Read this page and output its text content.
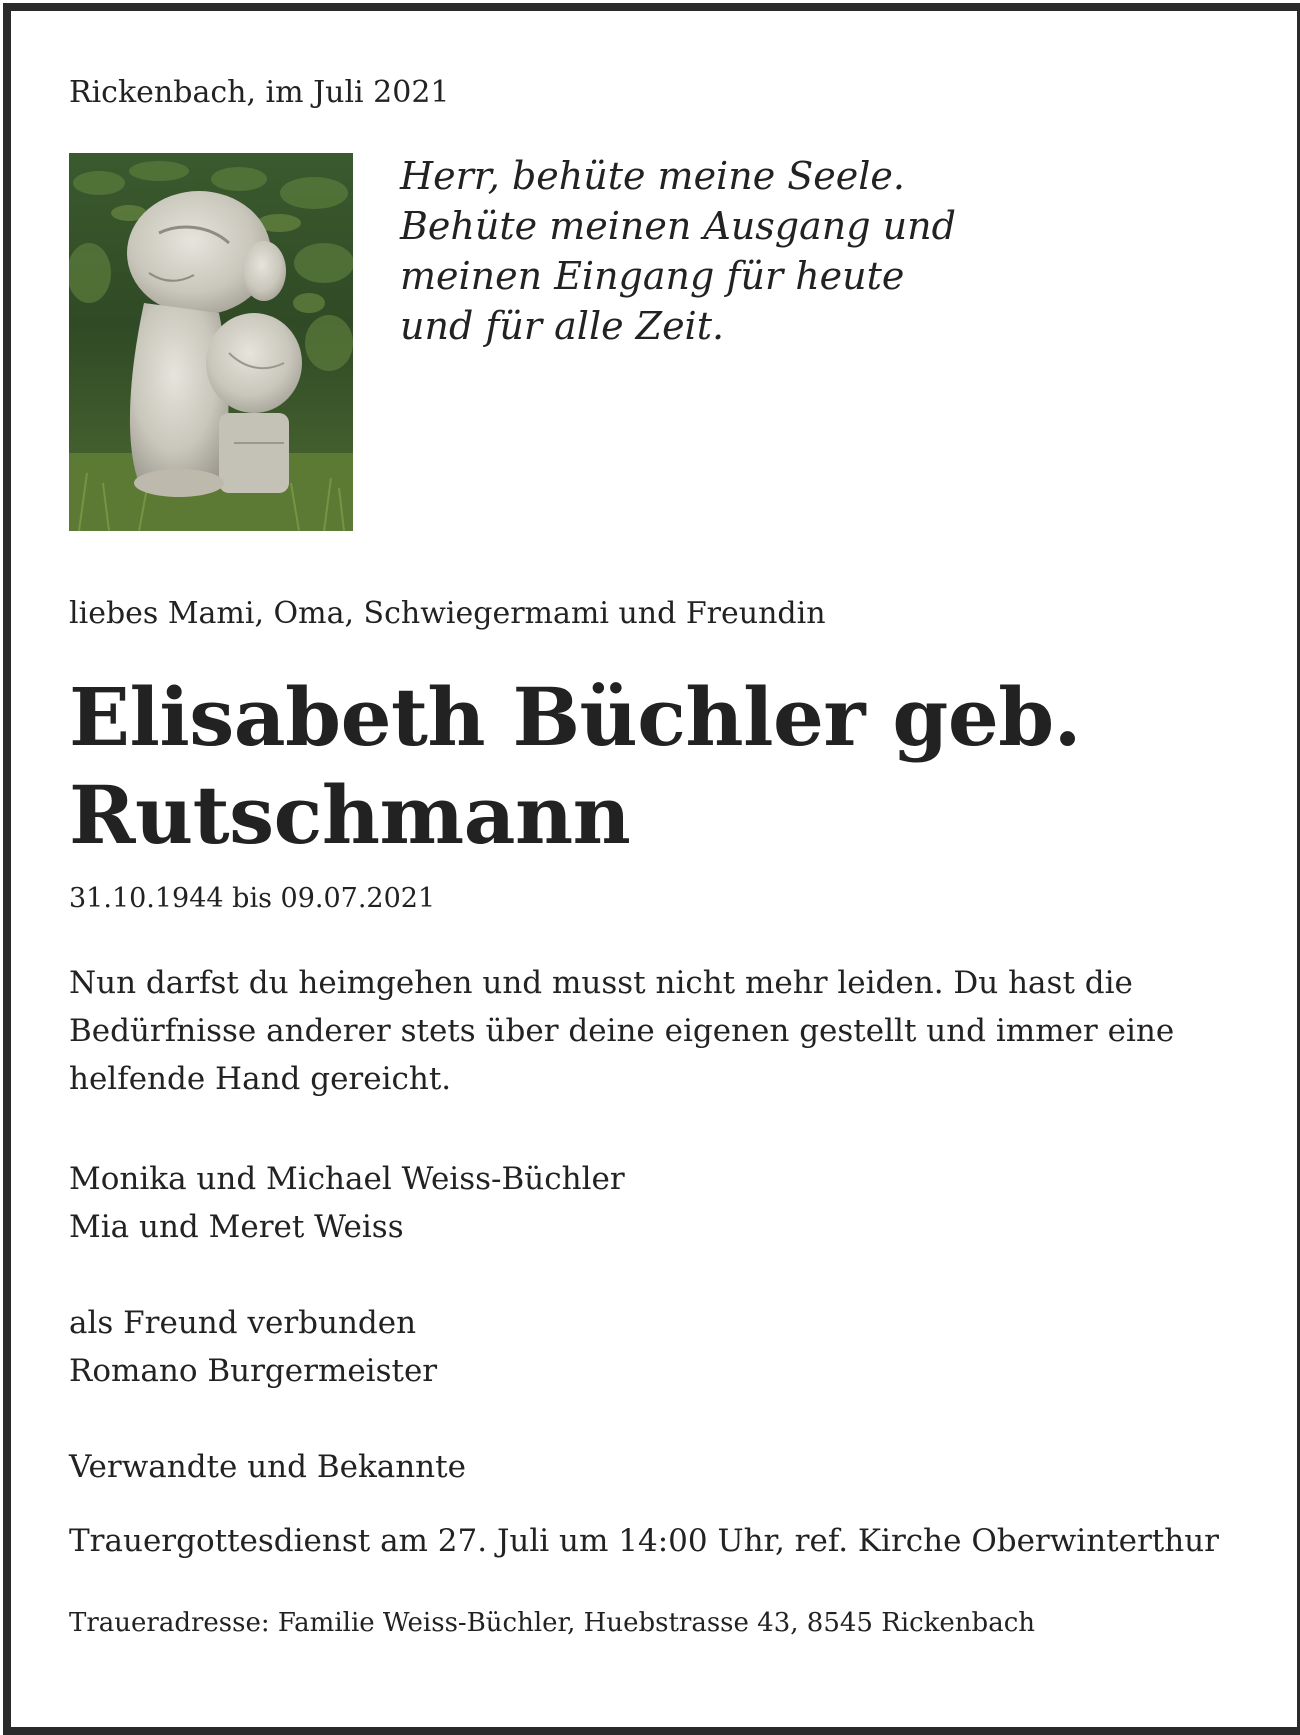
Rickenbach, im Juli 2021
Herr, behüte meine Seele.
Behüte meinen Ausgang und
meinen Eingang für heute
und für alle Zeit.
liebes Mami, Oma, Schwiegermami und Freundin
Elisabeth Büchler geb. Rutschmann
31.10.1944 bis 09.07.2021
Nun darfst du heimgehen und musst nicht mehr leiden. Du hast die Bedürfnisse anderer stets über deine eigenen gestellt und immer eine helfende Hand gereicht.
Monika und Michael Weiss-Büchler
Mia und Meret Weiss
als Freund verbunden
Romano Burgermeister
Verwandte und Bekannte
Trauergottesdienst am 27. Juli um 14:00 Uhr, ref. Kirche Oberwinterthur
Traueradresse: Familie Weiss-Büchler, Huebstrasse 43, 8545 Rickenbach
